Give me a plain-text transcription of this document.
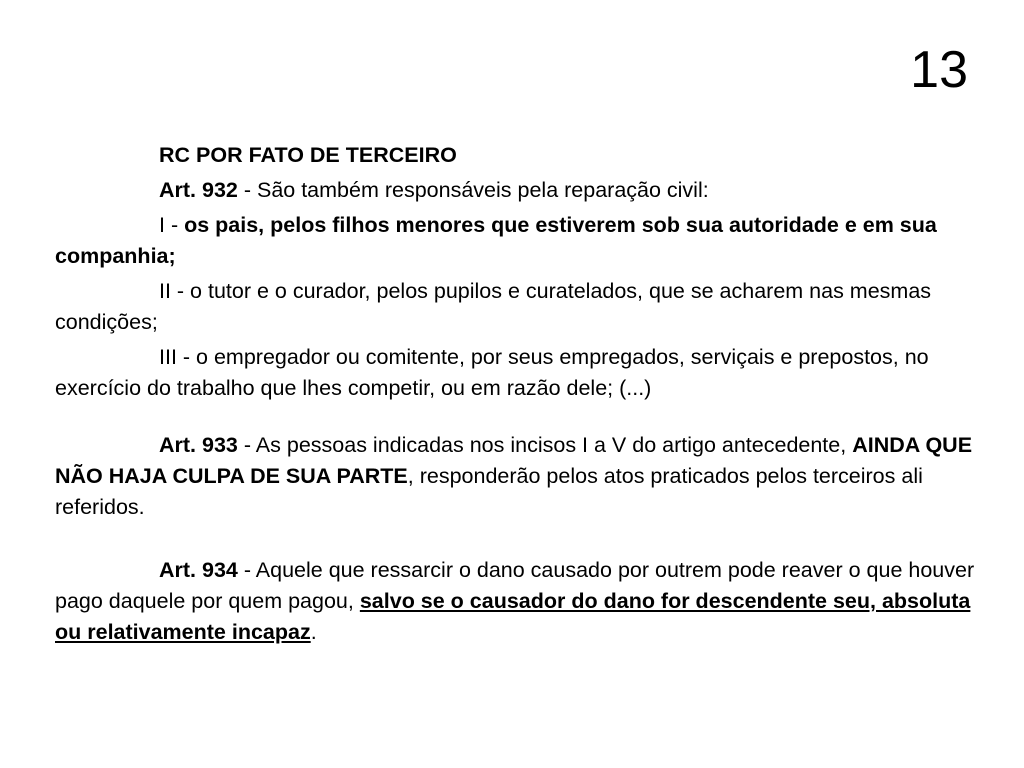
13

RC POR FATO DE TERCEIRO

Art. 932 - São também responsáveis pela reparação civil:

I - os pais, pelos filhos menores que estiverem sob sua autoridade e em sua companhia;

II - o tutor e o curador, pelos pupilos e curatelados, que se acharem nas mesmas condições;

III - o empregador ou comitente, por seus empregados, serviçais e prepostos, no exercício do trabalho que lhes competir, ou em razão dele; (...)

Art. 933 - As pessoas indicadas nos incisos I a V do artigo antecedente, AINDA QUE NÃO HAJA CULPA DE SUA PARTE, responderão pelos atos praticados pelos terceiros ali referidos.

Art. 934 - Aquele que ressarcir o dano causado por outrem pode reaver o que houver pago daquele por quem pagou, salvo se o causador do dano for descendente seu, absoluta ou relativamente incapaz.
